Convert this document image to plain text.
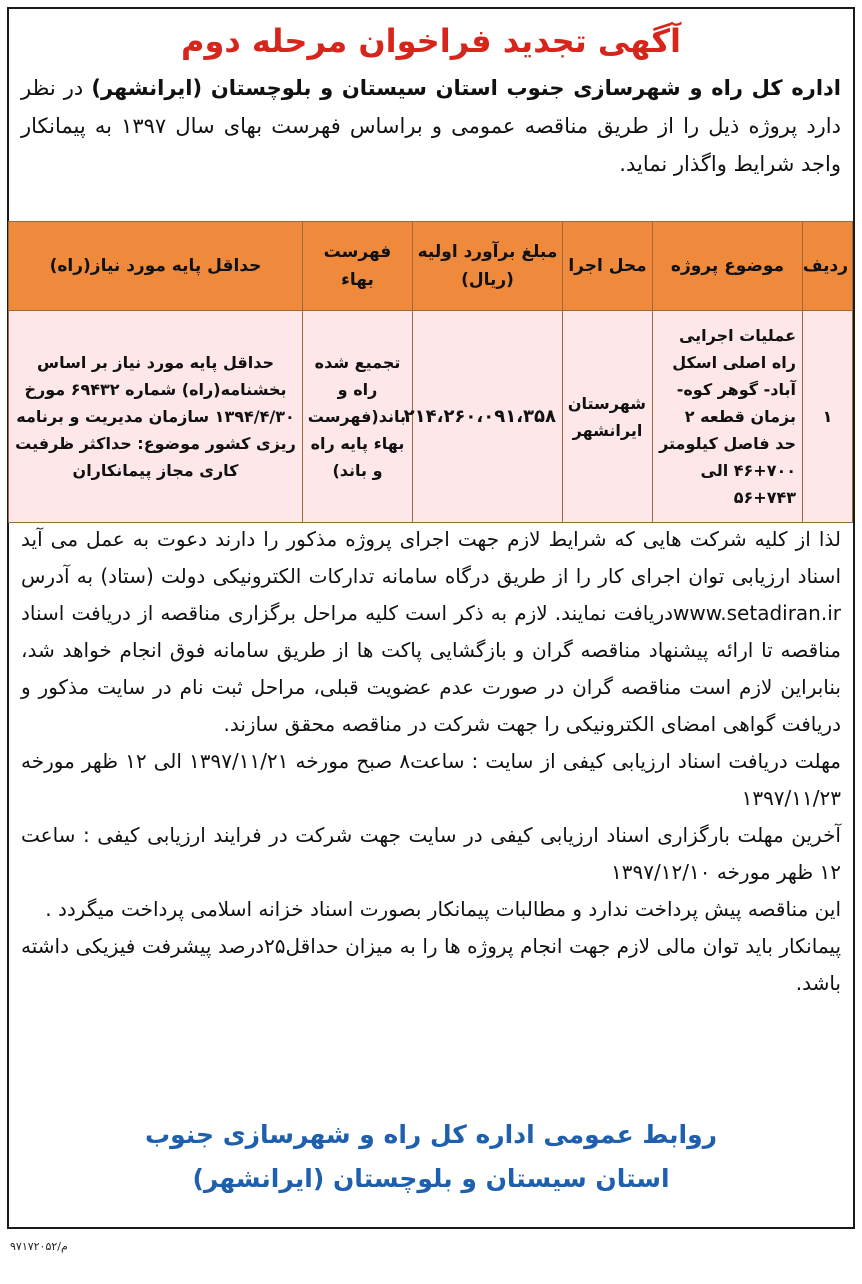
آگهی تجدید فراخوان مرحله دوم
اداره کل راه و شهرسازی جنوب استان سیستان و بلوچستان (ایرانشهر) در نظر دارد پروژه ذیل را از طریق مناقصه عمومی و براساس فهرست بهای سال ۱۳۹۷ به پیمانکار واجد شرایط واگذار نماید.
ردیف	موضوع پروژه	محل اجرا	مبلغ برآورد اولیه (ریال)	فهرست بهاء	حداقل پایه مورد نیاز(راه)
۱	عملیات اجرایی راه اصلی اسکل آباد- گوهر کوه- بزمان قطعه ۲ حد فاصل کیلومتر ۷۰۰+۴۶ الی ۷۴۳+۵۶	شهرستان ایرانشهر	۲۱۴،۲۶۰،۰۹۱،۳۵۸	تجمیع شده راه و باند(فهرست بهاء پایه راه و باند)	حداقل پایه مورد نیاز بر اساس بخشنامه(راه) شماره ۶۹۴۳۲ مورخ ۱۳۹۴/۴/۳۰ سازمان مدیریت و برنامه ریزی کشور موضوع: حداکثر ظرفیت کاری مجاز پیمانکاران

لذا از کلیه شرکت هایی که شرایط لازم جهت اجرای پروژه مذکور را دارند دعوت به عمل می آید اسناد ارزیابی توان اجرای کار را از طریق درگاه سامانه تدارکات الکترونیکی دولت (ستاد) به آدرس www.setadiran.irدریافت نمایند. لازم به ذکر است کلیه مراحل برگزاری مناقصه از دریافت اسناد مناقصه تا ارائه پیشنهاد مناقصه گران و بازگشایی پاکت ها از طریق سامانه فوق انجام خواهد شد، بنابراین لازم است مناقصه گران در صورت عدم عضویت قبلی، مراحل ثبت نام در سایت مذکور و دریافت گواهی امضای الکترونیکی را جهت شرکت در مناقصه محقق سازند.

مهلت دریافت اسناد ارزیابی کیفی از سایت : ساعت۸ صبح مورخه ۱۳۹۷/۱۱/۲۱ الی ۱۲ ظهر مورخه ۱۳۹۷/۱۱/۲۳

آخرین مهلت بارگزاری اسناد ارزیابی کیفی در سایت جهت شرکت در فرایند ارزیابی کیفی : ساعت ۱۲ ظهر مورخه ۱۳۹۷/۱۲/۱۰

این مناقصه پیش پرداخت ندارد و مطالبات پیمانکار بصورت اسناد خزانه اسلامی پرداخت میگردد .

پیمانکار باید توان مالی لازم جهت انجام پروژه ها را به میزان حداقل۲۵درصد پیشرفت فیزیکی داشته باشد.

روابط عمومی اداره کل راه و شهرسازی جنوب
استان سیستان و بلوچستان (ایرانشهر)
م/۹۷۱۷۲۰۵۲
